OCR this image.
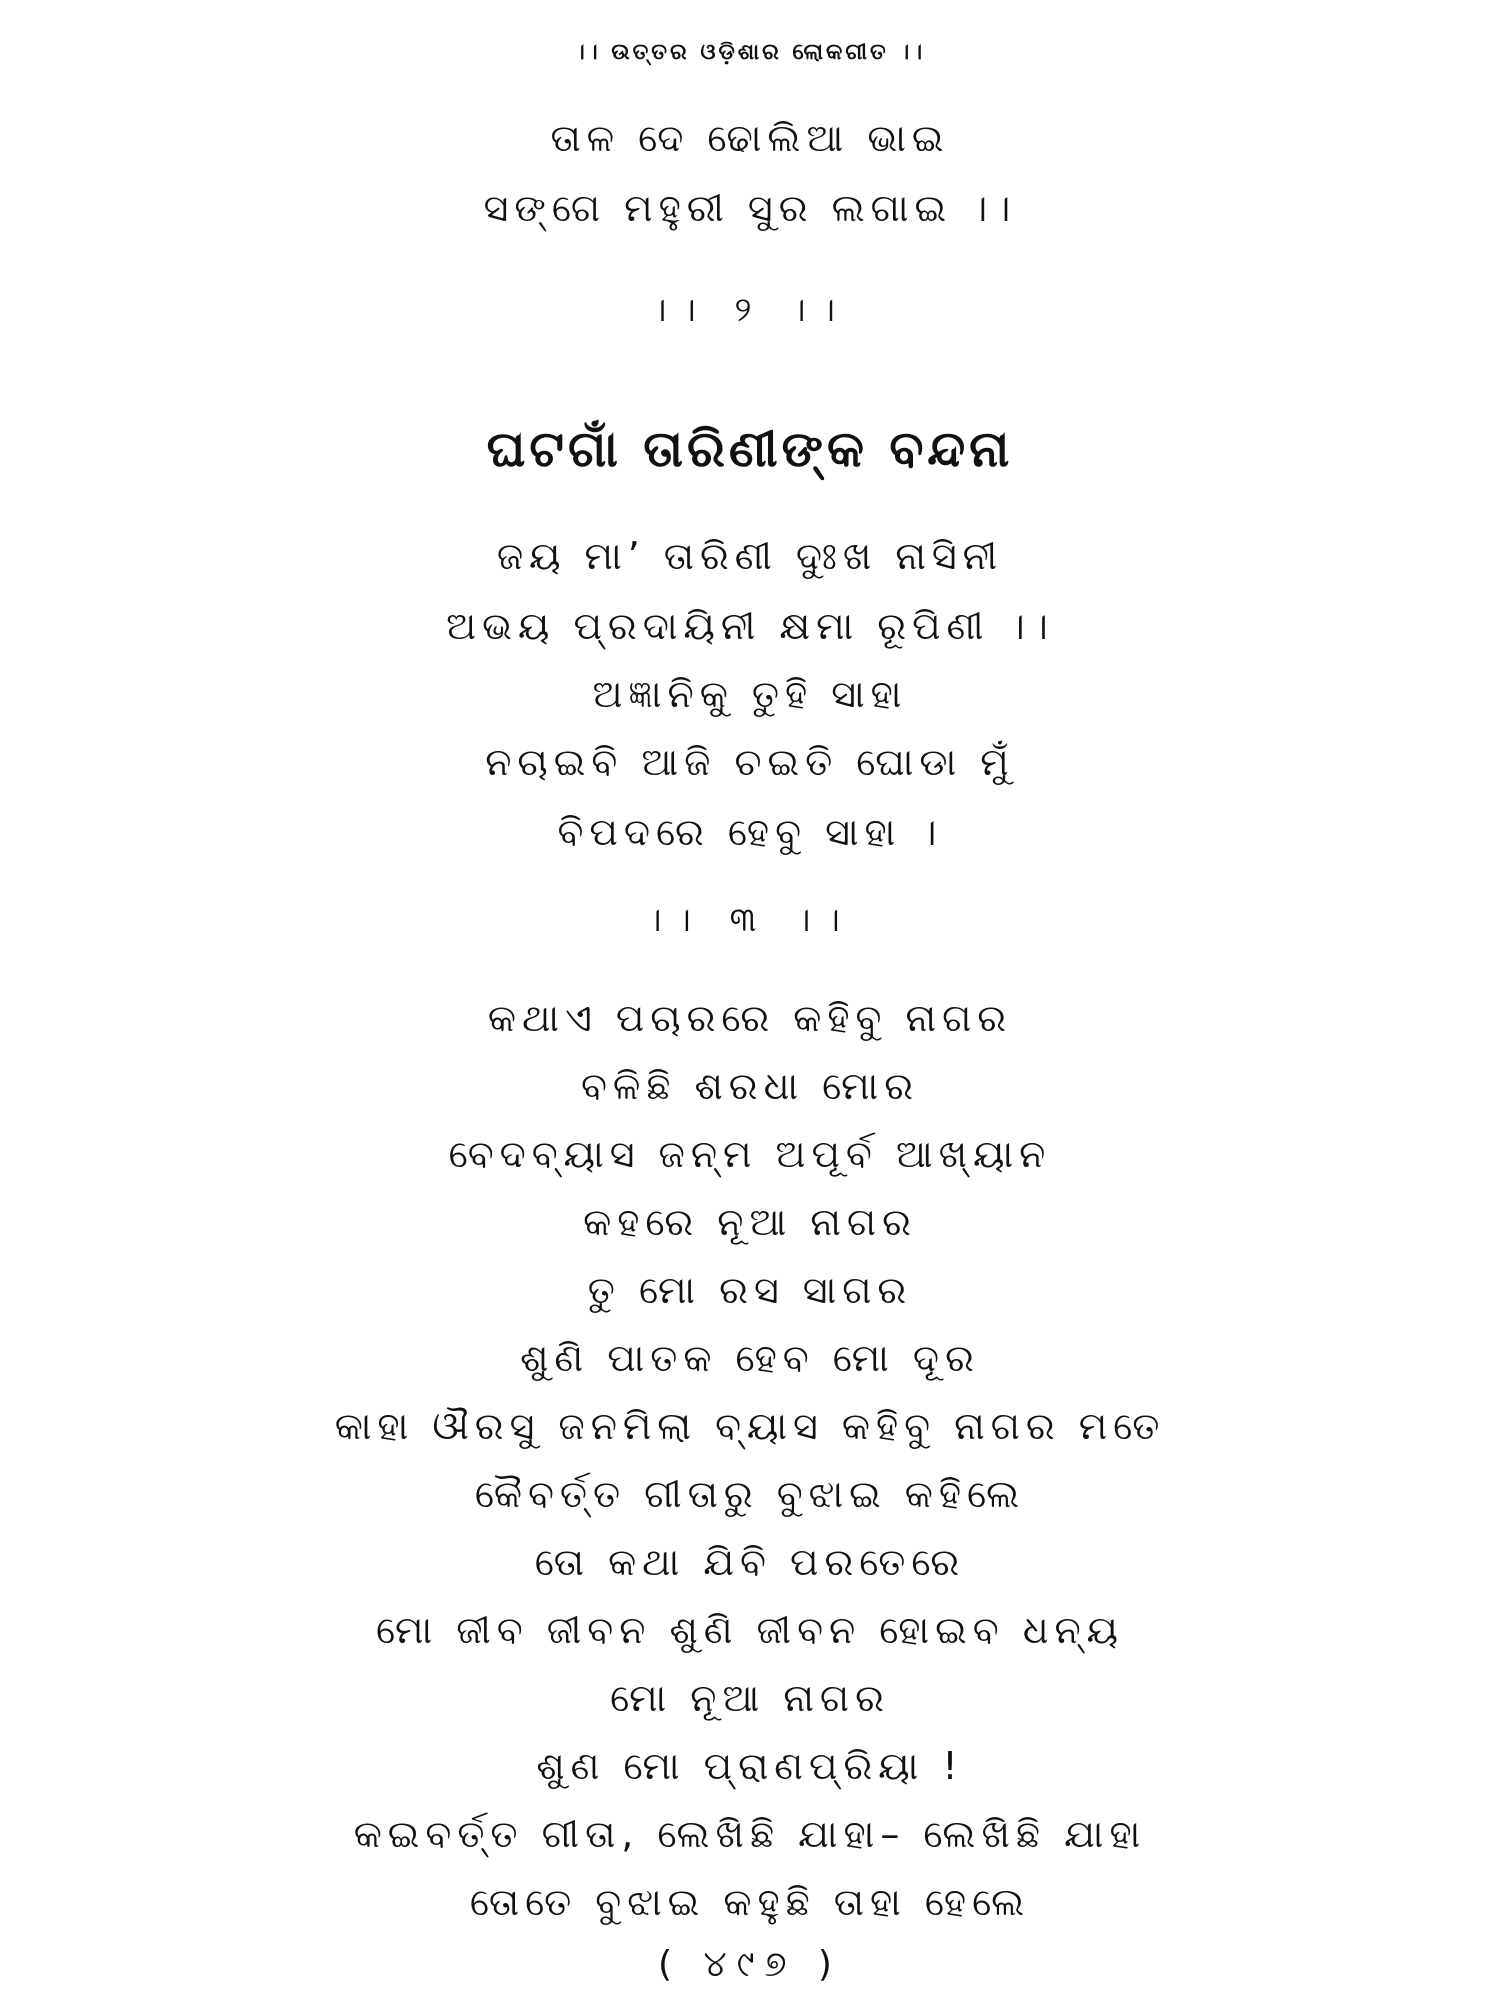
।। ଉତ୍ତର ଓଡ଼ିଶାର ଲୋକଗୀତ ।।
ତାଳ ଦେ ଢୋଲିଆ ଭାଇ
ସଙ୍ଗେ ମହୁରୀ ସୁର ଲଗାଇ ।।
।। ୨ ।।
ଘଟଗାଁ ତାରିଣୀଙ୍କ ବନ୍ଦନା
ଜୟ ମା’ ତାରିଣୀ ଦୁଃଖ ନାସିନୀ
ଅଭୟ ପ୍ରଦାୟିନୀ କ୍ଷମା ରୂପିଣୀ ।।
ଅଜ୍ଞାନିକୁ ତୁହି ସାହା
ନଚାଇବି ଆଜି ଚଇତି ଘୋଡା ମୁଁ
ବିପଦରେ ହେବୁ ସାହା ।
।। ୩ ।।
କଥାଏ ପଚାରରେ କହିବୁ ନାଗର
ବଳିଛି ଶରଧା ମୋର
ବେଦବ୍ୟାସ ଜନ୍ମ ଅପୂର୍ବ ଆଖ୍ୟାନ
କହରେ ନୂଆ ନାଗର
ତୁ ମୋ ରସ ସାଗର
ଶୁଣି ପାତକ ହେବ ମୋ ଦୂର
କାହା ଔରସୁ ଜନମିଲା ବ୍ୟାସ କହିବୁ ନାଗର ମତେ
କୈବର୍ତ୍ତ ଗୀତାରୁ ବୁଝାଇ କହିଲେ
ତୋ କଥା ଯିବି ପରତେରେ
ମୋ ଜୀବ ଜୀବନ ଶୁଣି ଜୀବନ ହୋଇବ ଧନ୍ୟ
ମୋ ନୂଆ ନାଗର
ଶୁଣ ମୋ ପ୍ରାଣପ୍ରିୟା !
କଇବର୍ତ୍ତ ଗୀତା, ଲେଖିଛି ଯାହା– ଲେଖିଛି ଯାହା
ତୋତେ ବୁଝାଇ କହୁଛି ତାହା ହେଲେ
( ୪୯୭ )
